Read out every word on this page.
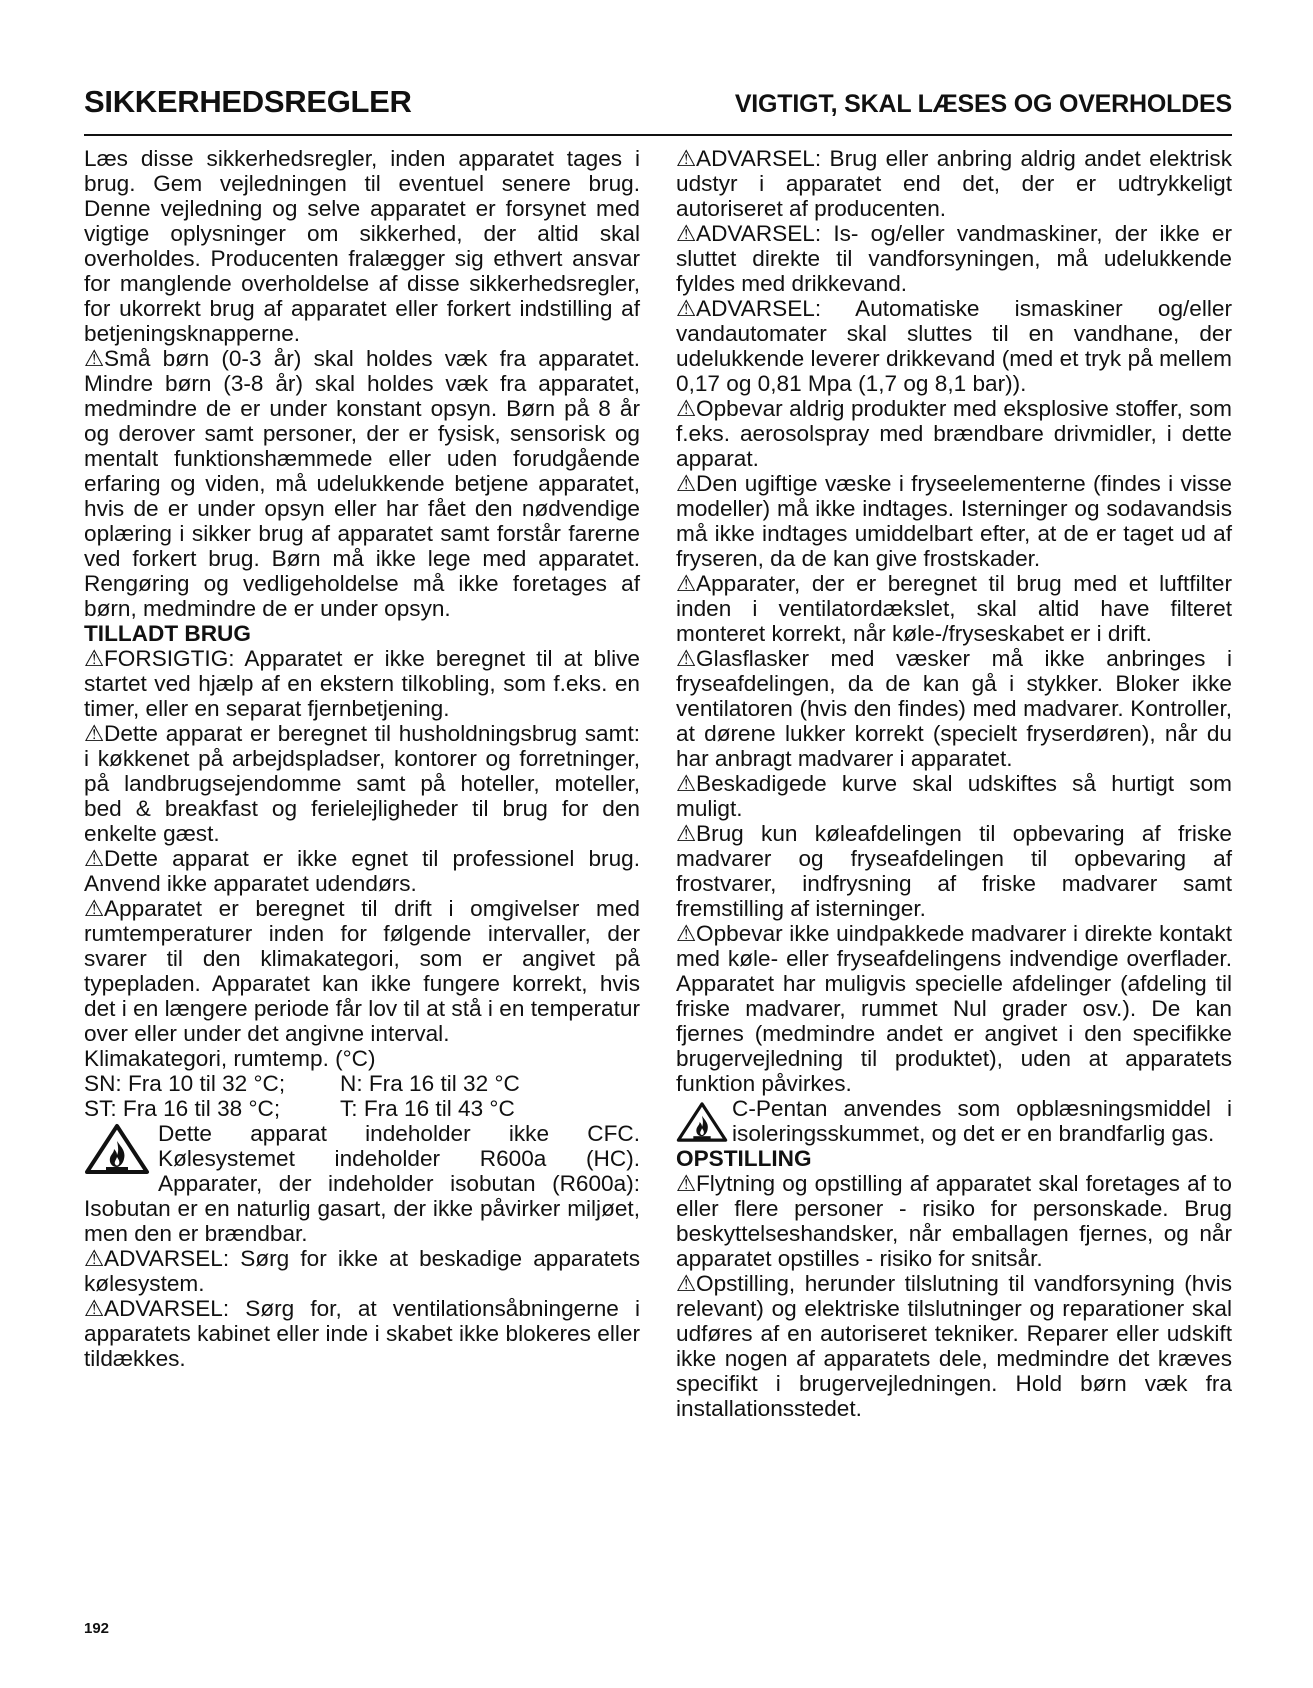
SIKKERHEDSREGLER	VIGTIGT, SKAL LÆSES OG OVERHOLDES

Læs disse sikkerhedsregler, inden apparatet tages i brug. Gem vejledningen til eventuel senere brug. Denne vejledning og selve apparatet er forsynet med vigtige oplysninger om sikkerhed, der altid skal overholdes. Producenten fralægger sig ethvert ansvar for manglende overholdelse af disse sikkerhedsregler, for ukorrekt brug af apparatet eller forkert indstilling af betjeningsknapperne.

⚠Små børn (0-3 år) skal holdes væk fra apparatet. Mindre børn (3-8 år) skal holdes væk fra apparatet, medmindre de er under konstant opsyn. Børn på 8 år og derover samt personer, der er fysisk, sensorisk og mentalt funktionshæmmede eller uden forudgående erfaring og viden, må udelukkende betjene apparatet, hvis de er under opsyn eller har fået den nødvendige oplæring i sikker brug af apparatet samt forstår farerne ved forkert brug. Børn må ikke lege med apparatet. Rengøring og vedligeholdelse må ikke foretages af børn, medmindre de er under opsyn.

TILLADT BRUG

⚠FORSIGTIG: Apparatet er ikke beregnet til at blive startet ved hjælp af en ekstern tilkobling, som f.eks. en timer, eller en separat fjernbetjening.

⚠Dette apparat er beregnet til husholdningsbrug samt: i køkkenet på arbejdspladser, kontorer og forretninger, på landbrugsejendomme samt på hoteller, moteller, bed & breakfast og ferielejligheder til brug for den enkelte gæst.

⚠Dette apparat er ikke egnet til professionel brug. Anvend ikke apparatet udendørs.

⚠Apparatet er beregnet til drift i omgivelser med rumtemperaturer inden for følgende intervaller, der svarer til den klimakategori, som er angivet på typepladen. Apparatet kan ikke fungere korrekt, hvis det i en længere periode får lov til at stå i en temperatur over eller under det angivne interval.

Klimakategori, rumtemp. (°C)
SN: Fra 10 til 32 °C;	N: Fra 16 til 32 °C
ST: Fra 16 til 38 °C;	T: Fra 16 til 43 °C

Dette apparat indeholder ikke CFC. Kølesystemet indeholder R600a (HC). Apparater, der indeholder isobutan (R600a): Isobutan er en naturlig gasart, der ikke påvirker miljøet, men den er brændbar.

⚠ADVARSEL: Sørg for ikke at beskadige apparatets kølesystem.

⚠ADVARSEL: Sørg for, at ventilationsåbningerne i apparatets kabinet eller inde i skabet ikke blokeres eller tildækkes.

⚠ADVARSEL: Brug eller anbring aldrig andet elektrisk udstyr i apparatet end det, der er udtrykkeligt autoriseret af producenten.

⚠ADVARSEL: Is- og/eller vandmaskiner, der ikke er sluttet direkte til vandforsyningen, må udelukkende fyldes med drikkevand.

⚠ADVARSEL: Automatiske ismaskiner og/eller vandautomater skal sluttes til en vandhane, der udelukkende leverer drikkevand (med et tryk på mellem 0,17 og 0,81 Mpa (1,7 og 8,1 bar)).

⚠Opbevar aldrig produkter med eksplosive stoffer, som f.eks. aerosolspray med brændbare drivmidler, i dette apparat.

⚠Den ugiftige væske i fryseelementerne (findes i visse modeller) må ikke indtages. Isterninger og sodavandsis må ikke indtages umiddelbart efter, at de er taget ud af fryseren, da de kan give frostskader.

⚠Apparater, der er beregnet til brug med et luftfilter inden i ventilatordækslet, skal altid have filteret monteret korrekt, når køle-/fryseskabet er i drift.

⚠Glasflasker med væsker må ikke anbringes i fryseafdelingen, da de kan gå i stykker. Bloker ikke ventilatoren (hvis den findes) med madvarer. Kontroller, at dørene lukker korrekt (specielt fryserdøren), når du har anbragt madvarer i apparatet.

⚠Beskadigede kurve skal udskiftes så hurtigt som muligt.

⚠Brug kun køleafdelingen til opbevaring af friske madvarer og fryseafdelingen til opbevaring af frostvarer, indfrysning af friske madvarer samt fremstilling af isterninger.

⚠Opbevar ikke uindpakkede madvarer i direkte kontakt med køle- eller fryseafdelingens indvendige overflader. Apparatet har muligvis specielle afdelinger (afdeling til friske madvarer, rummet Nul grader osv.). De kan fjernes (medmindre andet er angivet i den specifikke brugervejledning til produktet), uden at apparatets funktion påvirkes.

C-Pentan anvendes som opblæsningsmiddel i isoleringsskummet, og det er en brandfarlig gas.

OPSTILLING

⚠Flytning og opstilling af apparatet skal foretages af to eller flere personer - risiko for personskade. Brug beskyttelseshandsker, når emballagen fjernes, og når apparatet opstilles - risiko for snitsår.

⚠Opstilling, herunder tilslutning til vandforsyning (hvis relevant) og elektriske tilslutninger og reparationer skal udføres af en autoriseret tekniker. Reparer eller udskift ikke nogen af apparatets dele, medmindre det kræves specifikt i brugervejledningen. Hold børn væk fra installationsstedet.

192
